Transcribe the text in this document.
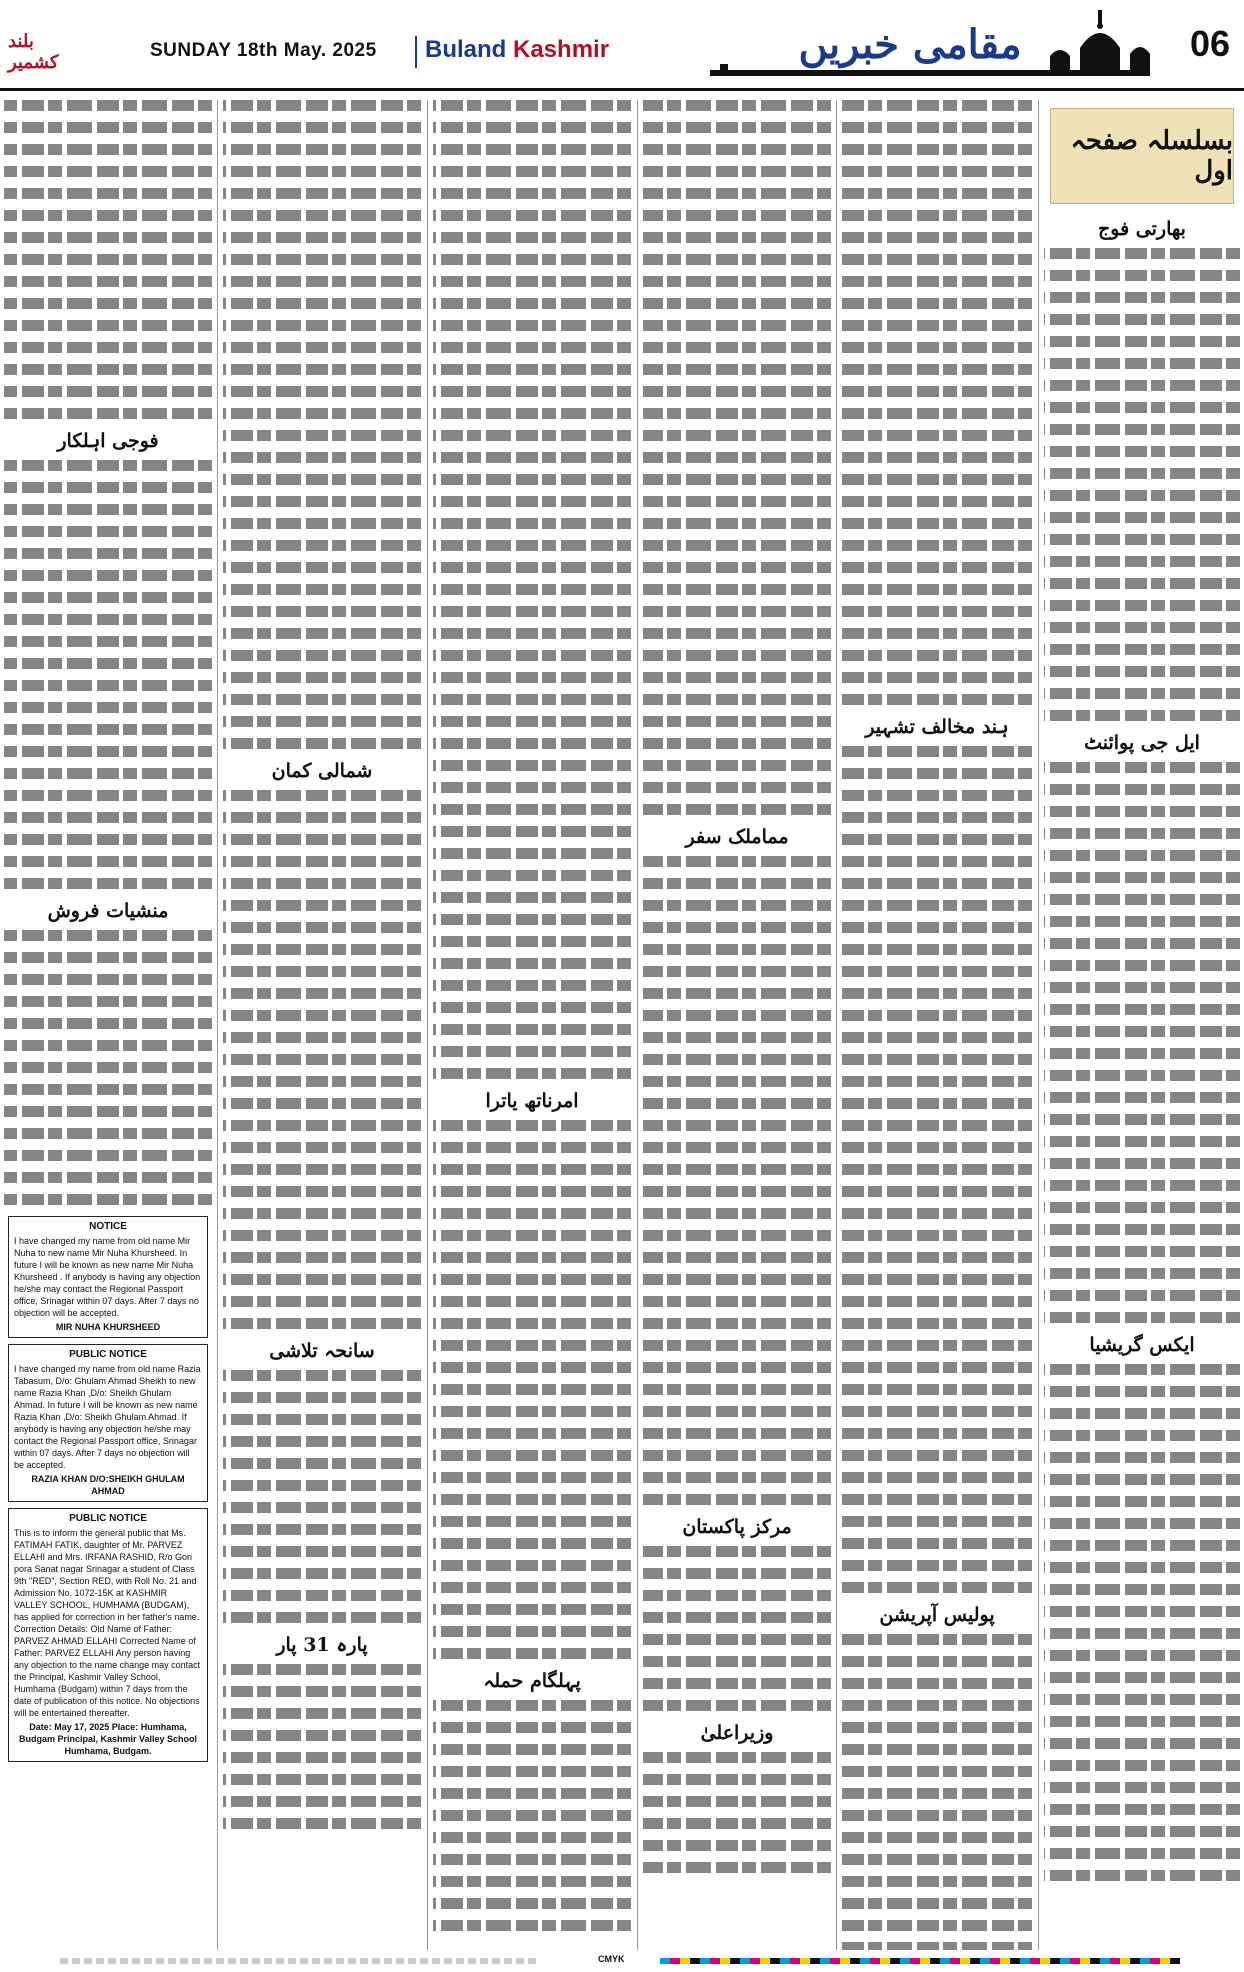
بلند کشمیر
SUNDAY 18th May. 2025 Buland Kashmir	مقامی خبریں	06
بسلسلہ صفحہ اول
بھارتی فوج
ایل جی پوائنٹ
ایکس گریشیا
ہند مخالف تشہیر
پولیس آپریشن
مماملک سفر
مرکز پاکستان
وزیراعلیٰ
امرناتھ یاترا
پہلگام حملہ
شمالی کمان
سانحہ تلاشی
پارہ 31 پار
فوجی اہلکار
منشیات فروش
NOTICE
I have changed my name from old name Mir Nuha to new name Mir Nuha Khursheed. In future I will be known as new name Mir Nuha Khursheed . If anybody is having any objection he/she may contact the Regional Passport office, Srinagar within 07 days. After 7 days no objection will be accepted.
MIR NUHA KHURSHEED
PUBLIC NOTICE
I have changed my name from old name Razia Tabasum, D/o: Ghulam Ahmad Sheikh to new name Razia Khan ,D/o: Sheikh Ghulam Ahmad. In future I will be known as new name Razia Khan ,D/o: Sheikh Ghulam Ahmad. If anybody is having any objection he/she may contact the Regional Passport office, Srinagar within 07 days. After 7 days no objection will be accepted.
RAZIA KHAN D/O:SHEIKH GHULAM AHMAD
PUBLIC NOTICE
This is to inform the general public that Ms. FATIMAH FATIK, daughter of Mr. PARVEZ ELLAHI and Mrs. IRFANA RASHID, R/o Gori pora Sanat nagar Srinagar a student of Class 9th "RED", Section RED, with Roll No. 21 and Admission No. 1072-15K at KASHMIR VALLEY SCHOOL, HUMHAMA (BUDGAM), has applied for correction in her father's name. Correction Details: Old Name of Father: PARVEZ AHMAD ELLAHI Corrected Name of Father: PARVEZ ELLAHI Any person having any objection to the name change may contact the Principal, Kashmir Valley School, Humhama (Budgam) within 7 days from the date of publication of this notice. No objections will be entertained thereafter.
Date: May 17, 2025 Place: Humhama, Budgam Principal, Kashmir Valley School Humhama, Budgam.
CMYK
